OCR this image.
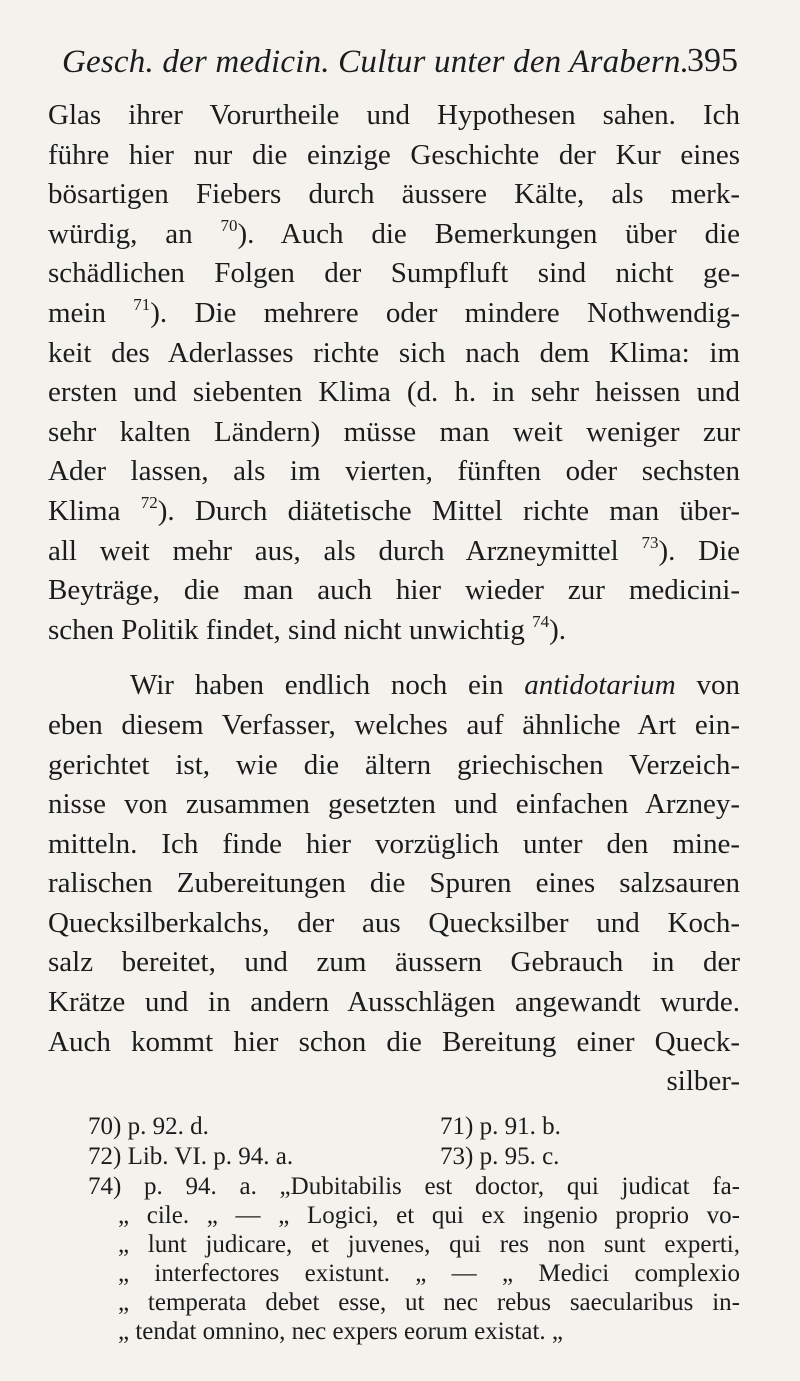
Gesch. der medicin. Cultur unter den Arabern.
395
Glas ihrer Vorurtheile und Hypothesen sahen. Ich
führe hier nur die einzige Geschichte der Kur eines
bösartigen Fiebers durch äussere Kälte, als merk-
würdig, an $^{70}$). Auch die Bemerkungen über die
schädlichen Folgen der Sumpfluft sind nicht ge-
mein $^{71}$). Die mehrere oder mindere Nothwendig-
keit des Aderlasses richte sich nach dem Klima: im
ersten und siebenten Klima (d. h. in sehr heissen und
sehr kalten Ländern) müsse man weit weniger zur
Ader lassen, als im vierten, fünften oder sechsten
Klima $^{72}$). Durch diätetische Mittel richte man über-
all weit mehr aus, als durch Arzneymittel $^{73}$). Die
Beyträge, die man auch hier wieder zur medicini-
schen Politik findet, sind nicht unwichtig $^{74}$).
Wir haben endlich noch ein antidotarium von
eben diesem Verfasser, welches auf ähnliche Art ein-
gerichtet ist, wie die ältern griechischen Verzeich-
nisse von zusammen gesetzten und einfachen Arzney-
mitteln. Ich finde hier vorzüglich unter den mine-
ralischen Zubereitungen die Spuren eines salzsauren
Quecksilberkalchs, der aus Quecksilber und Koch-
salz bereitet, und zum äussern Gebrauch in der
Krätze und in andern Ausschlägen angewandt wurde.
Auch kommt hier schon die Bereitung einer Queck-
silber-
70) p. 92. d.	71) p. 91. b.
72) Lib. VI. p. 94. a.	73) p. 95. c.
74) p. 94. a. „Dubitabilis est doctor, qui judicat fa-
„ cile. „ — „ Logici, et qui ex ingenio proprio vo-
„ lunt judicare, et juvenes, qui res non sunt experti,
„ interfectores existunt. „ — „ Medici complexio
„ temperata debet esse, ut nec rebus saecularibus in-
„ tendat omnino, nec expers eorum existat. „
